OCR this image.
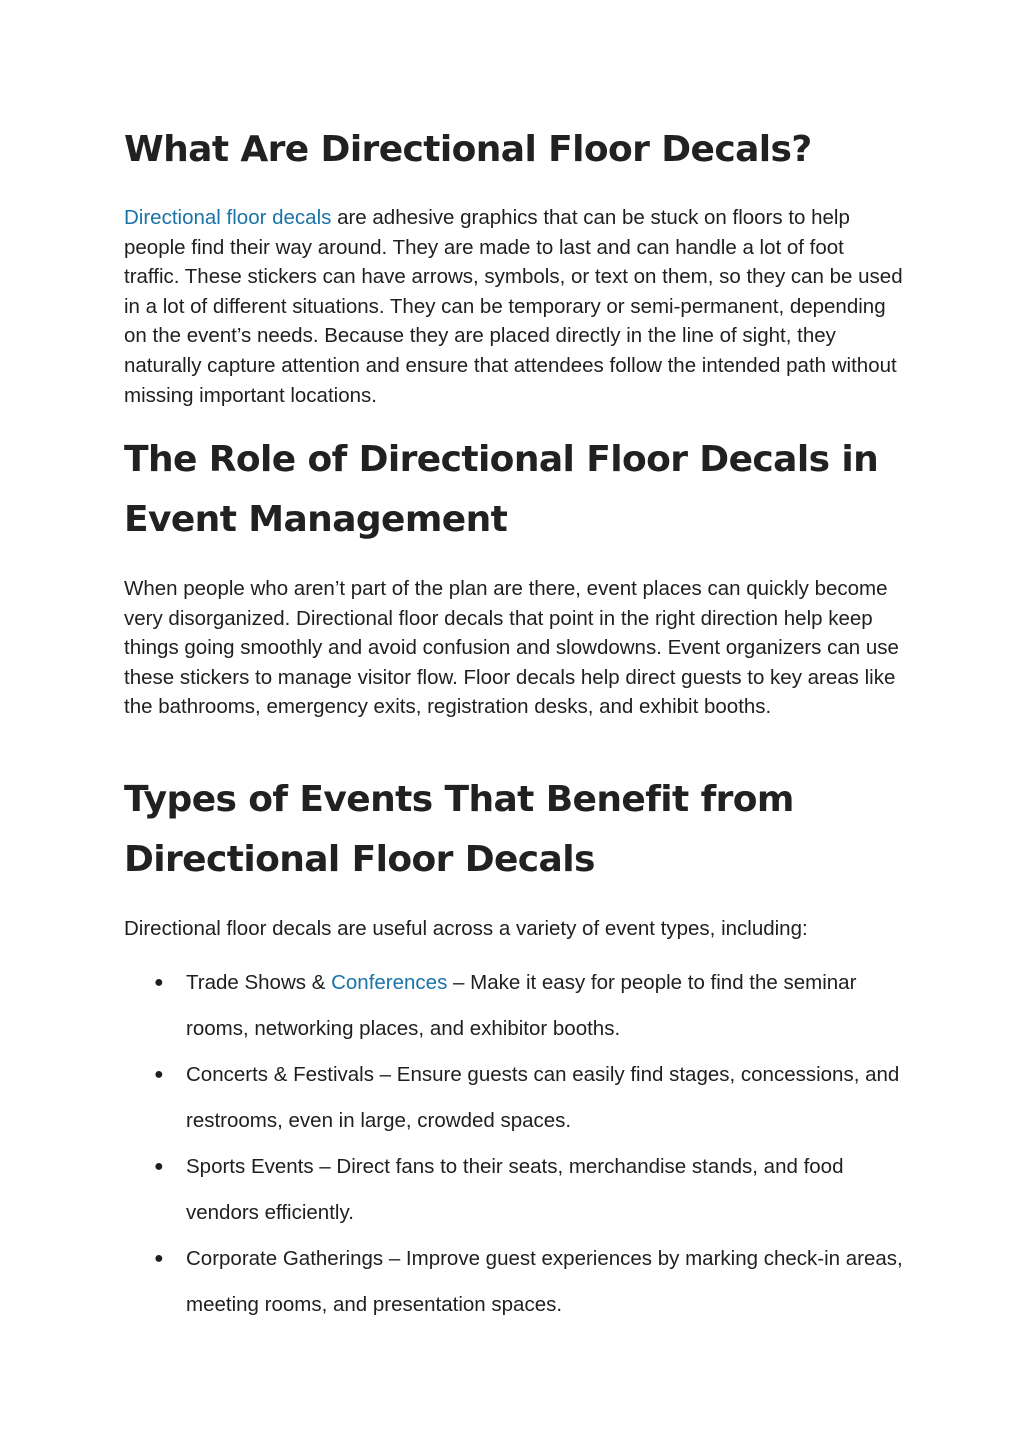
What Are Directional Floor Decals?

Directional floor decals are adhesive graphics that can be stuck on floors to help people find their way around. They are made to last and can handle a lot of foot traffic. These stickers can have arrows, symbols, or text on them, so they can be used in a lot of different situations. They can be temporary or semi-permanent, depending on the event’s needs. Because they are placed directly in the line of sight, they naturally capture attention and ensure that attendees follow the intended path without missing important locations.

The Role of Directional Floor Decals in Event Management

When people who aren’t part of the plan are there, event places can quickly become very disorganized. Directional floor decals that point in the right direction help keep things going smoothly and avoid confusion and slowdowns. Event organizers can use these stickers to manage visitor flow. Floor decals help direct guests to key areas like the bathrooms, emergency exits, registration desks, and exhibit booths.

Types of Events That Benefit from Directional Floor Decals

Directional floor decals are useful across a variety of event types, including:

● Trade Shows & Conferences – Make it easy for people to find the seminar rooms, networking places, and exhibitor booths.
● Concerts & Festivals – Ensure guests can easily find stages, concessions, and restrooms, even in large, crowded spaces.
● Sports Events – Direct fans to their seats, merchandise stands, and food vendors efficiently.
● Corporate Gatherings – Improve guest experiences by marking check-in areas, meeting rooms, and presentation spaces.
